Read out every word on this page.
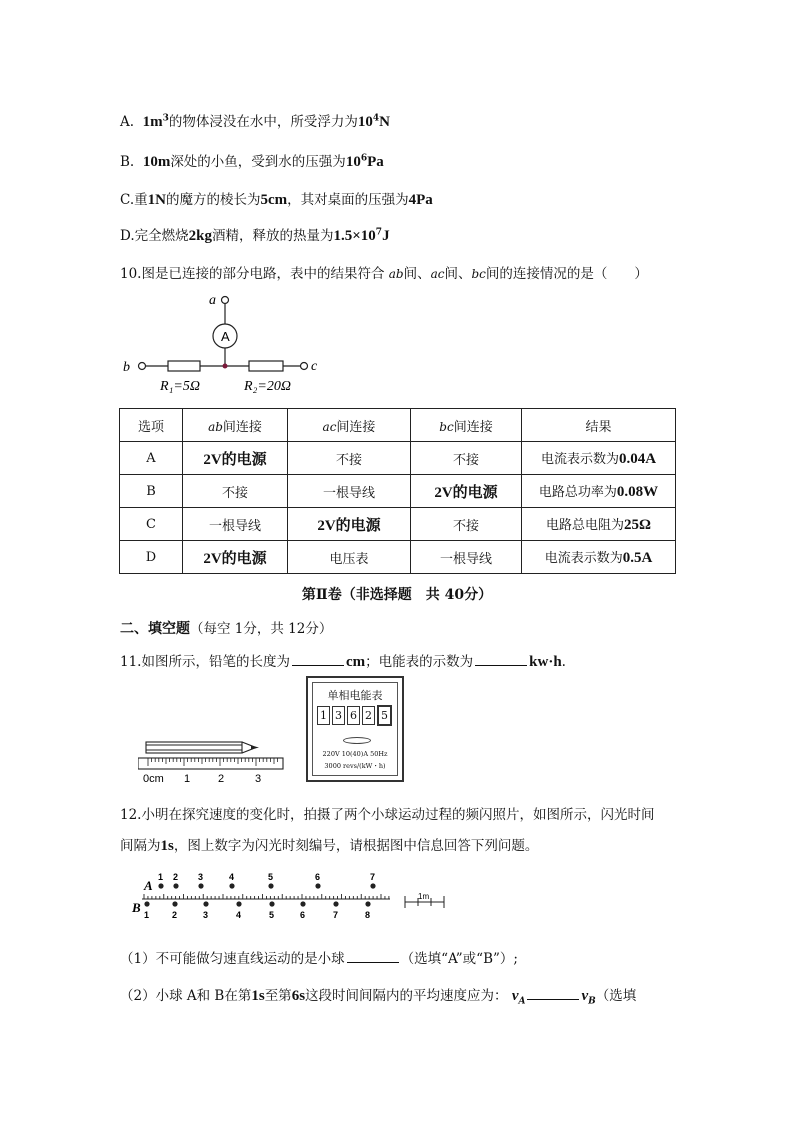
A. $1m^3$的物体浸没在水中，所受浮力为$10^4N$
B. 10m深处的小鱼，受到水的压强为$10^6Pa$
C.重1N的魔方的棱长为5cm，其对桌面的压强为4Pa
D.完全燃烧2kg酒精，释放的热量为$1.5\times 10^7J$
10.图是已连接的部分电路，表中的结果符合 ab间、ac间、bc间的连接情况的是（　　）
a
A
b	c
R₁=5Ω	R₂=20Ω
选项	ab间连接	ac间连接	bc间连接	结果
A	2V的电源	不接	不接	电流表示数为0.04A
B	不接	一根导线	2V的电源	电路总功率为0.08W
C	一根导线	2V的电源	不接	电路总电阻为25Ω
D	2V的电源	电压表	一根导线	电流表示数为0.5A
第Ⅱ卷（非选择题　共 40分）
二、填空题（每空 1分，共 12分）
11.如图所示，铅笔的长度为	cm；电能表的示数为	kw·h.
0cm 1	2	3
单相电能表
1 3 6 2 5
220V 10(40)A 50Hz
3000 revs/(kW・h)
12.小明在探究速度的变化时，拍摄了两个小球运动过程的频闪照片，如图所示，闪光时间
间隔为1s，图上数字为闪光时刻编号，请根据图中信息回答下列问题。
A
B
1 2 3	4	5	6	7
1	2	3	4	5	6	7	8
1m
（1）不可能做匀速直线运动的是小球	（选填“A”或“B”）;
（2）小球 A和 B在第1s至第6s这段时间间隔内的平均速度应为： $v_A$	$v_B$（选填
